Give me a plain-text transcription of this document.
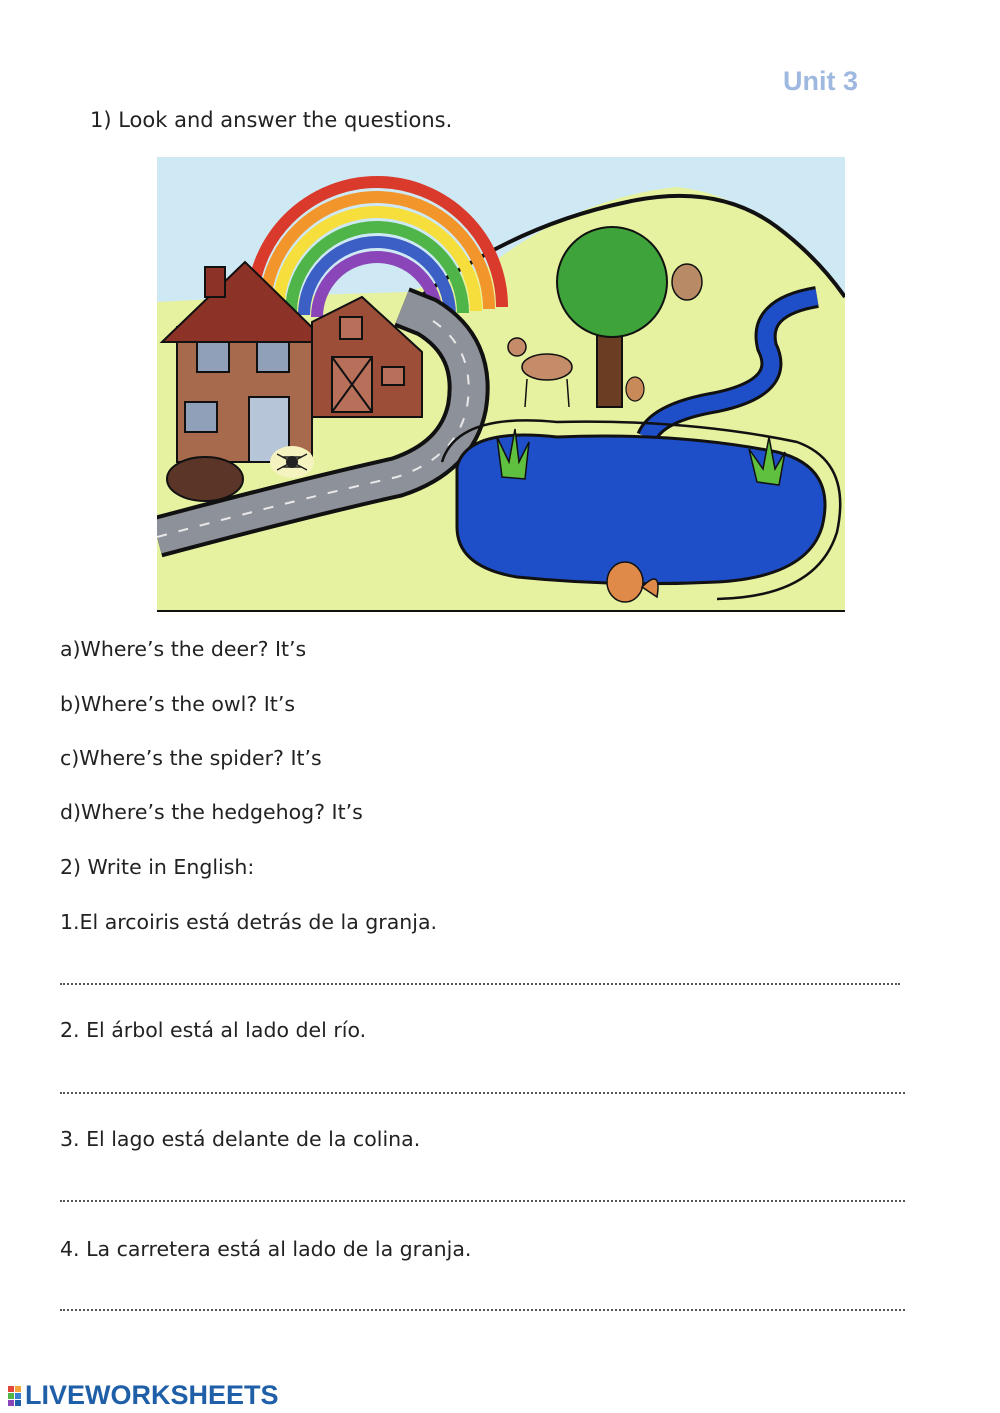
Unit 3
1) Look and answer the questions.
a)Where’s the deer? It’s
b)Where’s the owl? It’s
c)Where’s the spider? It’s
d)Where’s the hedgehog? It’s
2) Write in English:
1.El arcoiris está detrás de la granja.
2. El árbol está al lado del río.
3. El lago está delante de la colina.
4. La carretera está al lado de la granja.
LIVEWORKSHEETS
